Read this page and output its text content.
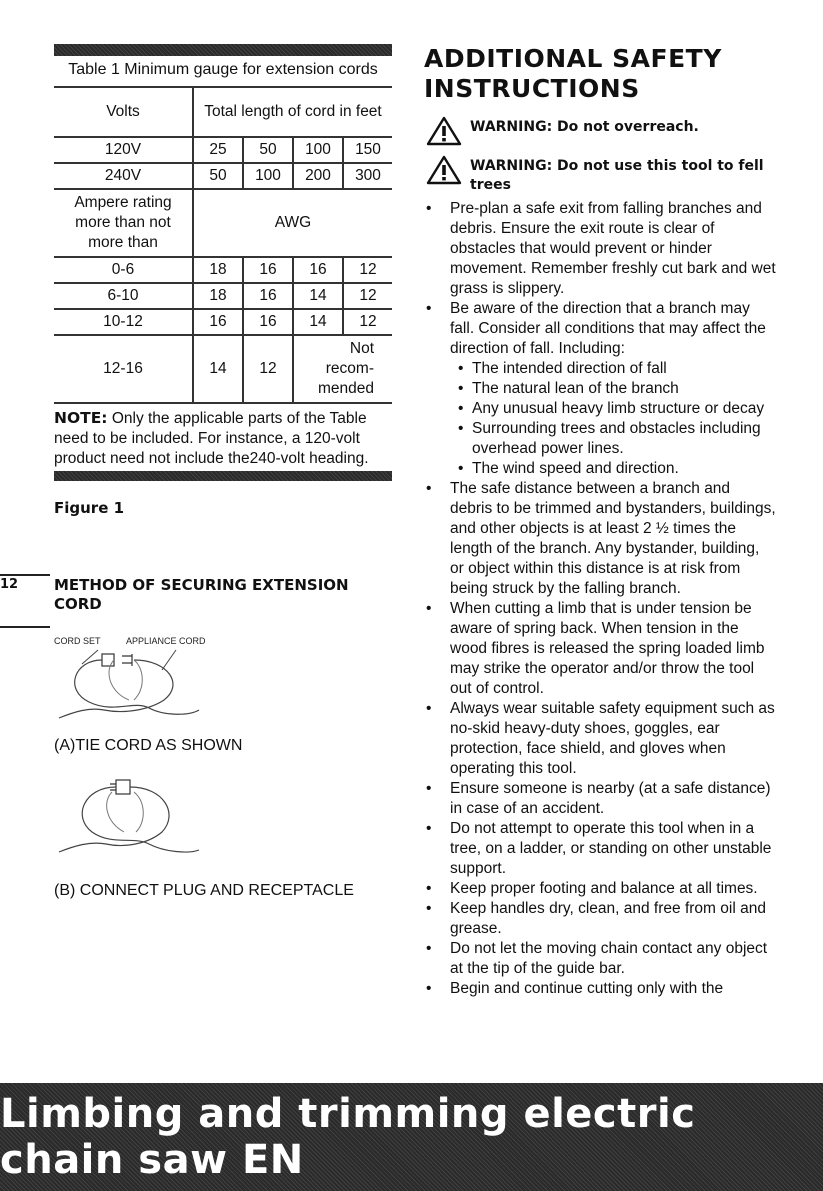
Table 1 Minimum gauge for extension cords
Volts	Total length of cord in feet			
120V	25	50	100	150
240V	50	100	200	300
Ampere rating more than not more than	AWG			
0-6	18	16	16	12
6-10	18	16	14	12
10-12	16	16	14	12
12-16	14	12	Not recom-mended	
NOTE: Only the applicable parts of the Table need to be included. For instance, a 120-volt product need not include the240-volt heading.
Figure 1
12	METHOD OF SECURING EXTENSION CORD
CORD SET	APPLIANCE CORD
(A)TIE CORD AS SHOWN
(B) CONNECT PLUG AND RECEPTACLE
ADDITIONAL SAFETY INSTRUCTIONS
WARNING: Do not overreach.
WARNING: Do not use this tool to fell trees
• Pre-plan a safe exit from falling branches and debris. Ensure the exit route is clear of obstacles that would prevent or hinder movement. Remember freshly cut bark and wet grass is slippery.
• Be aware of the direction that a branch may fall. Consider all conditions that may affect the direction of fall. Including:
• The intended direction of fall
• The natural lean of the branch
• Any unusual heavy limb structure or decay
• Surrounding trees and obstacles including overhead power lines.
• The wind speed and direction.
• The safe distance between a branch and debris to be trimmed and bystanders, buildings, and other objects is at least 2 ½ times the length of the branch. Any bystander, building, or object within this distance is at risk from being struck by the falling branch.
• When cutting a limb that is under tension be aware of spring back. When tension in the wood fibres is released the spring loaded limb may strike the operator and/or throw the tool out of control.
• Always wear suitable safety equipment such as no-skid heavy-duty shoes, goggles, ear protection, face shield, and gloves when operating this tool.
• Ensure someone is nearby (at a safe distance) in case of an accident.
• Do not attempt to operate this tool when in a tree, on a ladder, or standing on other unstable support.
• Keep proper footing and balance at all times.
• Keep handles dry, clean, and free from oil and grease.
• Do not let the moving chain contact any object at the tip of the guide bar.
• Begin and continue cutting only with the
Limbing and trimming electric chain saw EN
